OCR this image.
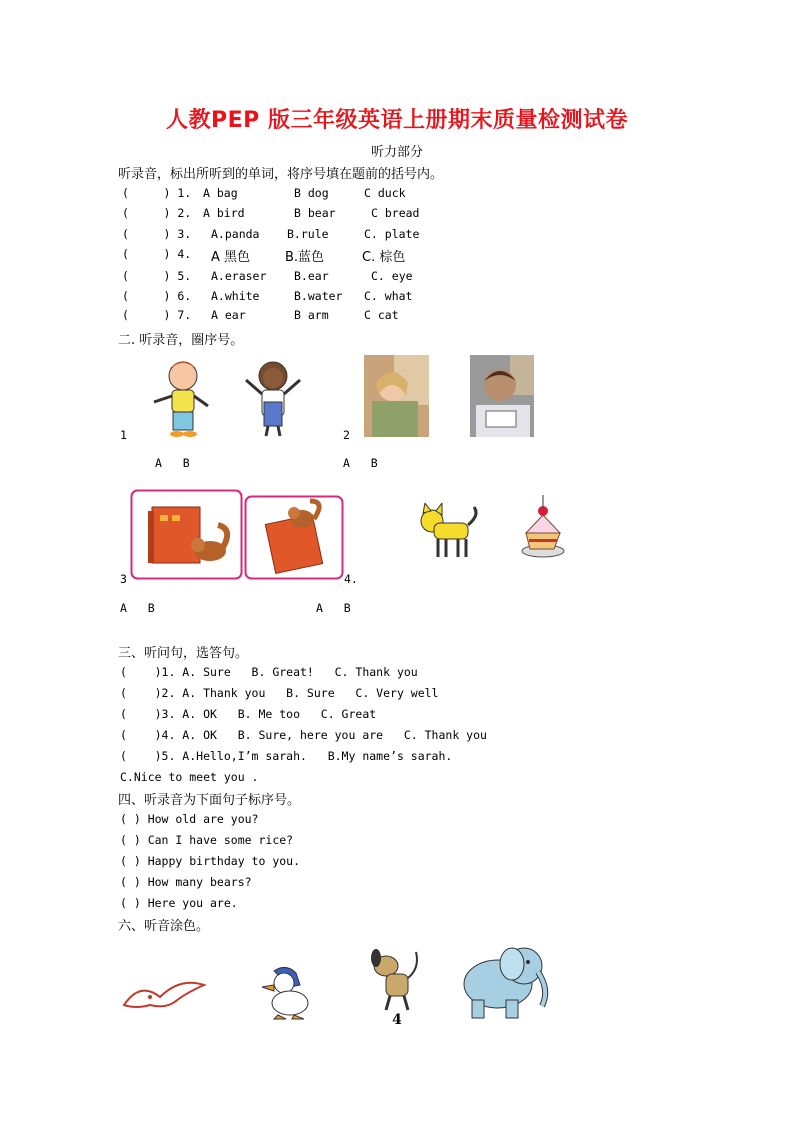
人教PEP 版三年级英语上册期末质量检测试卷
听力部分
听录音，标出所听到的单词，将序号填在题前的括号内。
(     ) 1. A bag	B dog	C duck
(     ) 2. A bird	B bear	C bread
(     ) 3. A.panda B.rule	C. plate
(     ) 4. A 黑色	B.蓝色	C. 棕色
(     ) 5. A.eraser B.ear	C. eye
(     ) 6. A.white	B.water C. what
(     ) 7. A ear	B arm	C cat
二. 听录音，圈序号。
1
A   B
2
A   B
3
A   B
4.
A   B
三、听问句，选答句。
(    )1. A. Sure   B. Great!   C. Thank you
(    )2. A. Thank you   B. Sure   C. Very well
(    )3. A. OK   B. Me too   C. Great
(    )4. A. OK   B. Sure, here you are   C. Thank you
(    )5. A.Hello,I’m sarah.   B.My name’s sarah.
C.Nice to meet you .
四、听录音为下面句子标序号。
( ) How old are you?
( ) Can I have some rice?
( ) Happy birthday to you.
( ) How many bears?
( ) Here you are.
六、听音涂色。
4
